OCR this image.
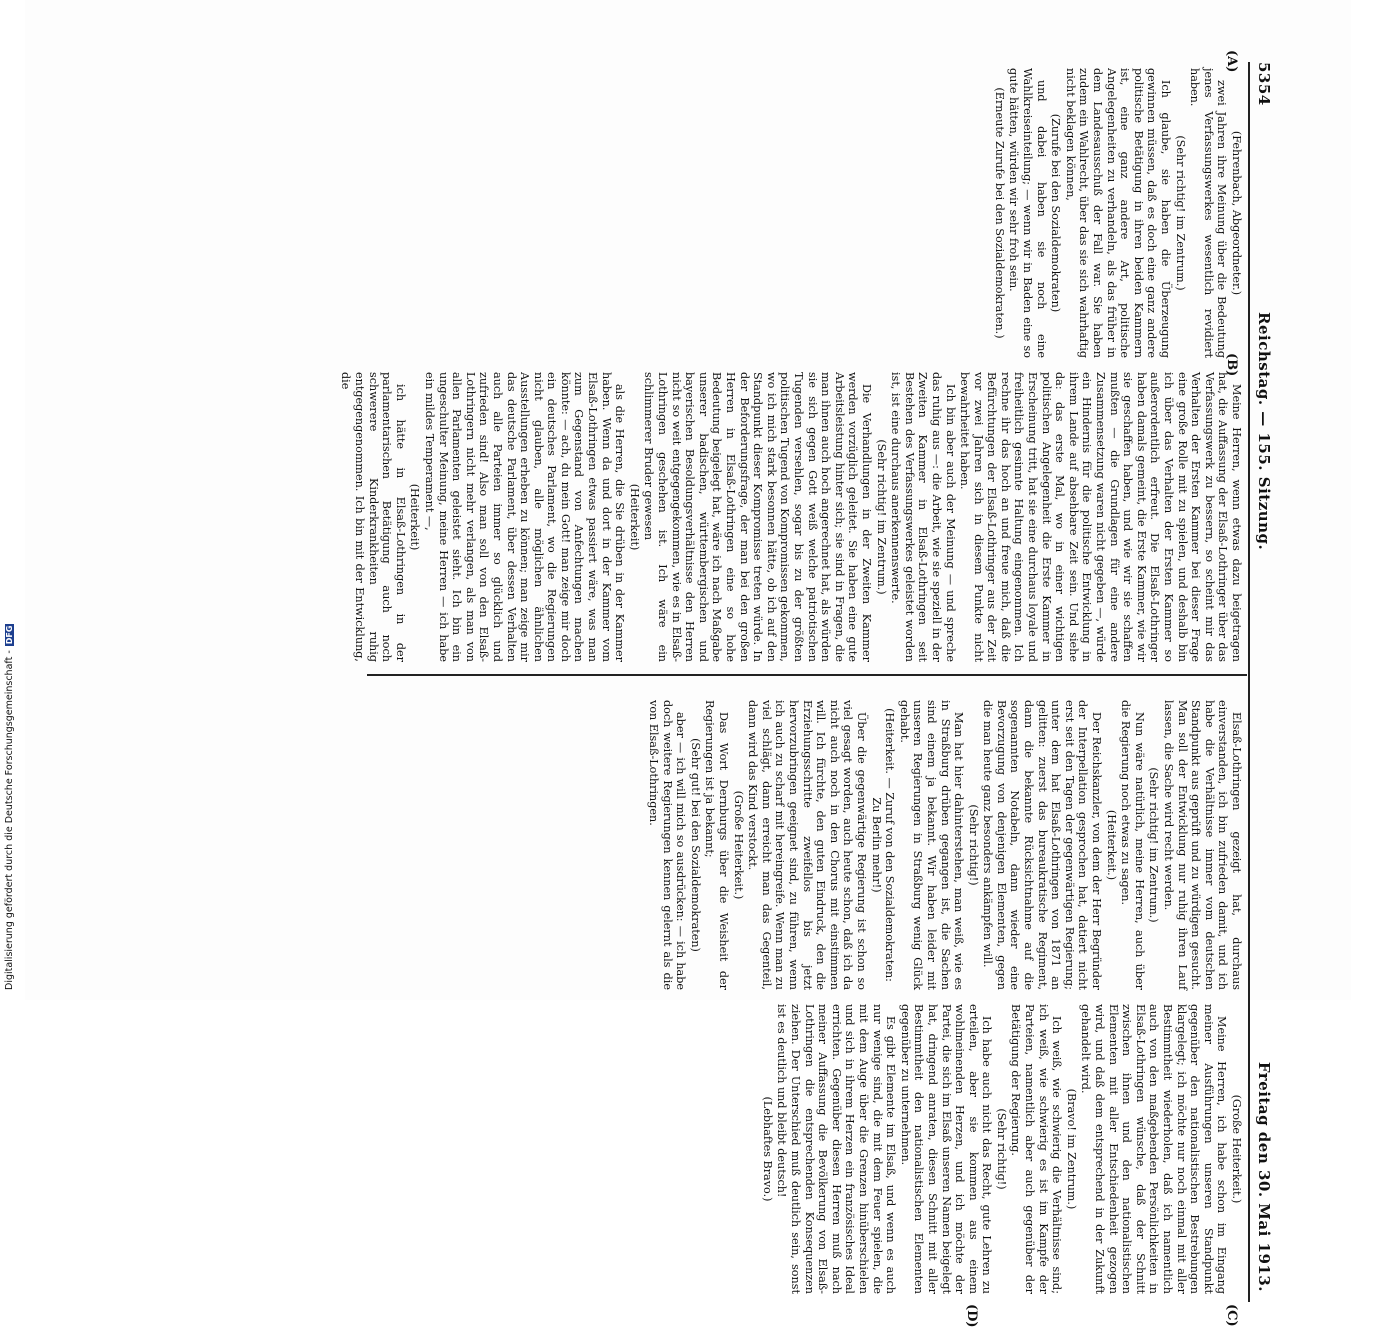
5354
Reichstag. — 155. Sitzung.
Freitag den 30. Mai 1913.
(A)
(B)
(C)
(D)

(Fehrenbach, Abgeordneter.)

zwei Jahren ihre Meinung über die Bedeutung jenes Verfassungswerkes wesentlich revidiert haben.

(Sehr richtig! im Zentrum.)

Ich glaube, sie haben die Überzeugung gewinnen müssen, daß es doch eine ganz andere politische Betätigung in ihren beiden Kammern ist, eine ganz andere Art, politische Angelegenheiten zu verhandeln, als das früher in dem Landesausschuß der Fall war. Sie haben zudem ein Wahlrecht, über das sie sich wahrhaftig nicht beklagen können,

(Zurufe bei den Sozialdemokraten)

und dabei haben sie noch eine Wahlkreiseinteilung; — wenn wir in Baden eine so gute hätten, würden wir sehr froh sein.

(Erneute Zurufe bei den Sozialdemokraten.)

Meine Herren, wenn etwas dazu beigetragen hat, die Auffassung der Elsaß-Lothringer über das Verfassungswerk zu bessern, so scheint mir das Verhalten der Ersten Kammer bei dieser Frage eine große Rolle mit zu spielen, und deshalb bin ich über das Verhalten der Ersten Kammer so außerordentlich erfreut. Die Elsaß-Lothringer haben damals gemeint, die Erste Kammer, wie wir sie geschaffen haben, und wie wir sie schaffen mußten — die Grundlagen für eine andere Zusammensetzung waren nicht gegeben —, würde ein Hindernis für die politische Entwicklung in ihrem Lande auf absehbare Zeit sein. Und siehe da: das erste Mal, wo in einer wichtigen politischen Angelegenheit die Erste Kammer in Erscheinung tritt, hat sie eine durchaus loyale und freiheitlich gesinnte Haltung eingenommen. Ich rechne ihr das hoch an und freue mich, daß die Befürchtungen der Elsaß-Lothringer aus der Zeit vor zwei Jahren sich in diesem Punkte nicht bewahrheitet haben.

Ich bin aber auch der Meinung — und spreche das ruhig aus —: die Arbeit, wie sie speziell in der Zweiten Kammer in Elsaß-Lothringen seit Bestehen des Verfassungswerkes geleistet worden ist, ist eine durchaus anerkennenswerte.

(Sehr richtig! im Zentrum.)

Die Verhandlungen in der Zweiten Kammer werden vorzüglich geleitet. Sie haben eine gute Arbeitsleistung hinter sich; sie sind in Fragen, die man ihnen auch hoch angerechnet hat, als würden sie sich gegen Gott weiß welche patriotischen Tugenden versehlen, sogar bis zu der größten politischen Tugend von Kompromissen gekommen, wo ich mich stark besonnen hätte, ob ich auf den Standpunkt dieser Kompromisse treten würde. In der Beforderungsfrage, der man bei den großen Herren in Elsaß-Lothringen eine so hohe Bedeutung beigelegt hat, wäre ich nach Maßgabe unserer badischen, württembergischen und bayerischen Besoldungsverhältnisse den Herren nicht so weit entgegengekommen, wie es in Elsaß-Lothringen geschehen ist. Ich wäre ein schlimmerer Bruder gewesen

(Heiterkeit)

als die Herren, die Sie drüben in der Kammer haben. Wenn da und dort in der Kammer vom Elsaß-Lothringen etwas passiert wäre, was man zum Gegenstand von Anfechtungen machen könnte: — ach, du mein Gott! man zeige mir doch ein deutsches Parlament, wo die Regierungen nicht glauben, alle möglichen ähnlichen Ausstellungen erheben zu können; man zeige mir das deutsche Parlament, über dessen Verhalten auch alle Parteien immer so glücklich und zufrieden sind! Also man soll von den Elsaß-Lothringern nicht mehr verlangen, als man von allen Parlamenten geleistet sieht. Ich bin ein ungeschulter Meinung, meine Herren — ich habe ein mildes Temperament —,

(Heiterkeit)

ich hätte in Elsaß-Lothringen in der parlamentarischen Betätigung auch noch schwerere Kinderkrankheiten ruhig entgegengenommen. Ich bin mit der Entwicklung, die

Elsaß-Lothringen gezeigt hat, durchaus einverstanden, ich bin zufrieden damit, und ich habe die Verhältnisse immer vom deutschen Standpunkt aus geprüft und zu würdigen gesucht. Man soll der Entwicklung nur ruhig ihren Lauf lassen, die Sache wird recht werden.

(Sehr richtig! im Zentrum.)

Nun wäre natürlich, meine Herren, auch über die Regierung noch etwas zu sagen.

(Heiterkeit.)

Der Reichskanzler, von dem der Herr Begründer der Interpellation gesprochen hat, datiert nicht erst seit den Tagen der gegenwärtigen Regierung; unter dem hat Elsaß-Lothringen von 1871 an gelitten: zuerst das bureaukratische Regiment, dann die bekannte Rücksichtnahme auf die sogenannten Notabeln, dann wieder eine Bevorzugung von denjenigen Elementen, gegen die man heute ganz besonders ankämpfen will.

(Sehr richtig!)

Man hat hier dahinterstehen, man weiß, wie es in Straßburg drüben gegangen ist, die Sachen sind einem ja bekannt. Wir haben leider mit unseren Regierungen in Straßburg wenig Glück gehabt.

(Heiterkeit. — Zuruf von den Sozialdemokraten: Zu Berlin mehr!)

Über die gegenwärtige Regierung ist schon so viel gesagt worden, auch heute schon, daß ich da nicht auch noch in den Chorus mit einstimmen will. Ich fürchte, den guten Eindruck, den die Erziehungsschritte zweifellos bis jetzt hervorzubringen geeignet sind, zu führen, wenn ich auch zu scharf mit hereingreife. Wenn man zu viel schlägt, dann erreicht man das Gegenteil, dann wird das Kind verstockt.

(Große Heiterkeit.)

Das Wort Dernburgs über die Weisheit der Regierungen ist ja bekannt;

(Sehr gut! bei den Sozialdemokraten)

aber — ich will mich so ausdrücken: — ich habe doch weitere Regierungen kennen gelernt als die von Elsaß-Lothringen.

(Große Heiterkeit.)

Meine Herren, ich habe schon im Eingang meiner Ausführungen unseren Standpunkt gegenüber den nationalistischen Bestrebungen klargelegt; ich möchte nur noch einmal mit aller Bestimmtheit wiederholen, daß ich namentlich auch von den maßgebenden Persönlichkeiten in Elsaß-Lothringen wünsche, daß der Schnitt zwischen ihnen und den nationalistischen Elementen mit aller Entschiedenheit gezogen wird, und daß dem entsprechend in der Zukunft gehandelt wird.

(Bravo! im Zentrum.)

Ich weiß, wie schwierig die Verhältnisse sind; ich weiß, wie schwierig es ist im Kampfe der Parteien, namentlich aber auch gegenüber der Betätigung der Regierung.

(Sehr richtig!)

Ich habe auch nicht das Recht, gute Lehren zu erteilen, aber sie kommen aus einem wohlmeinenden Herzen, und ich möchte der Partei, die sich im Elsaß unseren Namen beigelegt hat, dringend anraten, diesen Schnitt mit aller Bestimmtheit den nationalistischen Elementen gegenüber zu unternehmen.

Es gibt Elemente im Elsaß, und wenn es auch nur wenige sind, die mit dem Feuer spielen, die mit dem Auge über die Grenzen hinüberschielen und sich in ihrem Herzen ein französisches Ideal errichten. Gegenüber diesen Herren muß nach meiner Auffassung die Bevölkerung von Elsaß-Lothringen die entsprechenden Konsequenzen ziehen. Der Unterschied muß deutlich sein, sonst ist es deutlich und bleibt deutsch!

(Lebhaftes Bravo.)

Digitalisierung gefördert durch die Deutsche Forschungsgemeinschaft -DFG
